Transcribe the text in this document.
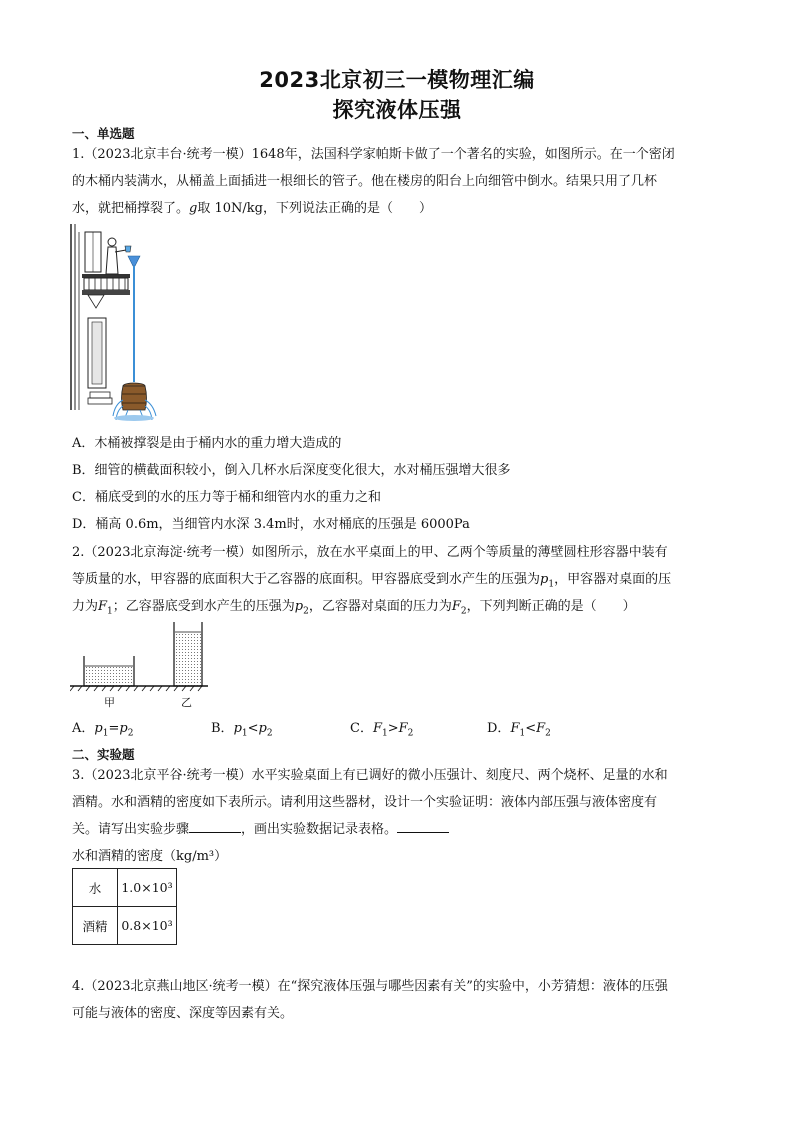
2023北京初三一模物理汇编
探究液体压强
一、单选题
1.（2023北京丰台·统考一模）1648年，法国科学家帕斯卡做了一个著名的实验，如图所示。在一个密闭
的木桶内装满水，从桶盖上面插进一根细长的管子。他在楼房的阳台上向细管中倒水。结果只用了几杯
水，就把桶撑裂了。g取 10N/kg，下列说法正确的是（　　）
A．木桶被撑裂是由于桶内水的重力增大造成的
B．细管的横截面积较小，倒入几杯水后深度变化很大，水对桶压强增大很多
C．桶底受到的水的压力等于桶和细管内水的重力之和
D．桶高 0.6m，当细管内水深 3.4m时，水对桶底的压强是 6000Pa
2.（2023北京海淀·统考一模）如图所示，放在水平桌面上的甲、乙两个等质量的薄壁圆柱形容器中装有
等质量的水，甲容器的底面积大于乙容器的底面积。甲容器底受到水产生的压强为$p_1$，甲容器对桌面的压
力为$F_1$；乙容器底受到水产生的压强为$p_2$，乙容器对桌面的压力为$F_2$，下列判断正确的是（　　）
甲	乙
A．$p_1=p_2$	B．$p_1<p_2$	C．$F_1>F_2$	D．$F_1<F_2$
二、实验题
3.（2023北京平谷·统考一模）水平实验桌面上有已调好的微小压强计、刻度尺、两个烧杯、足量的水和
酒精。水和酒精的密度如下表所示。请利用这些器材，设计一个实验证明：液体内部压强与液体密度有
关。请写出实验步骤	，画出实验数据记录表格。
水和酒精的密度（kg/m³）
水	1.0×10³
酒精	0.8×10³
4.（2023北京燕山地区·统考一模）在“探究液体压强与哪些因素有关”的实验中，小芳猜想：液体的压强
可能与液体的密度、深度等因素有关。
